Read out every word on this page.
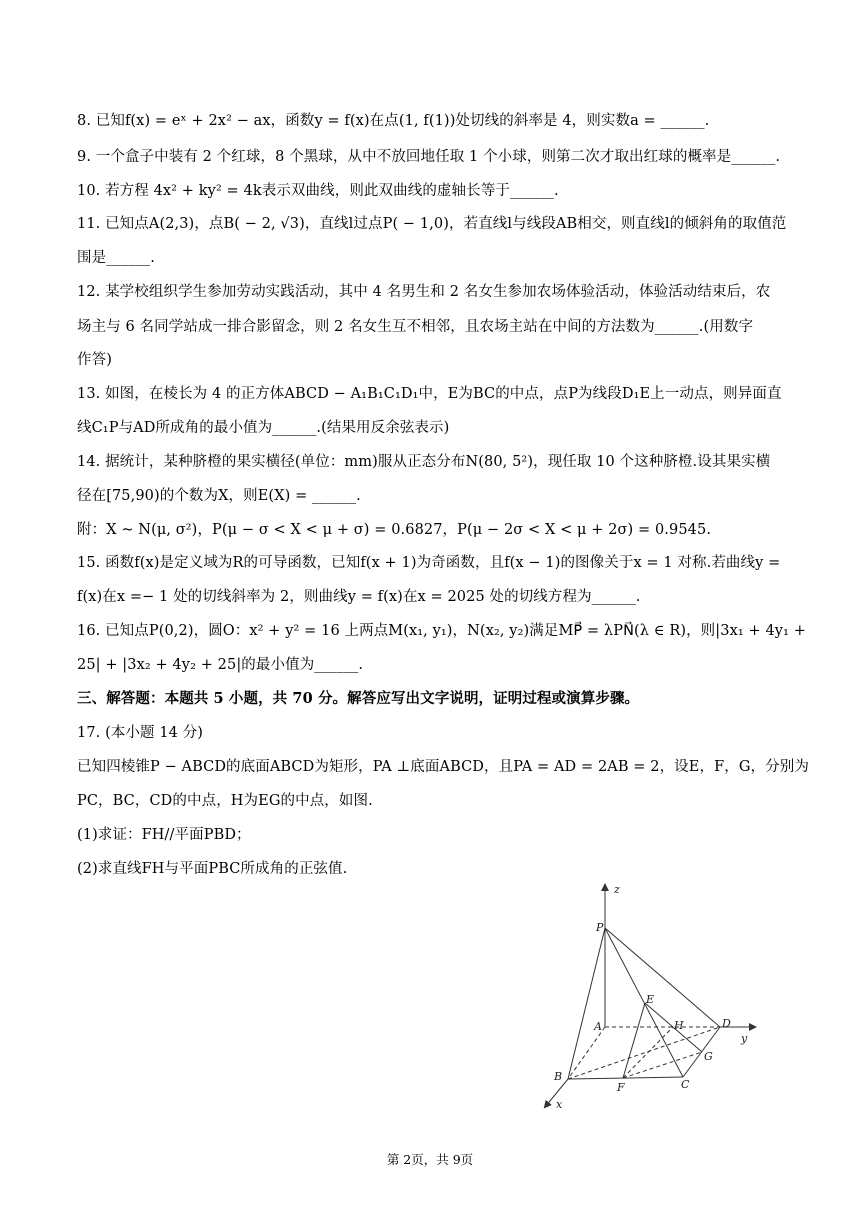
8. 已知f(x) = eˣ + 2x² − ax，函数y = f(x)在点(1, f(1))处切线的斜率是 4，则实数a = ______.
9. 一个盒子中装有 2 个红球，8 个黑球，从中不放回地任取 1 个小球，则第二次才取出红球的概率是______.
10. 若方程 4x² + ky² = 4k表示双曲线，则此双曲线的虚轴长等于______.
11. 已知点A(2,3)，点B( − 2, √3)，直线l过点P( − 1,0)，若直线l与线段AB相交，则直线l的倾斜角的取值范
围是______.
12. 某学校组织学生参加劳动实践活动，其中 4 名男生和 2 名女生参加农场体验活动，体验活动结束后，农
场主与 6 名同学站成一排合影留念，则 2 名女生互不相邻，且农场主站在中间的方法数为______.(用数字
作答)
13. 如图，在棱长为 4 的正方体ABCD − A₁B₁C₁D₁中，E为BC的中点，点P为线段D₁E上一动点，则异面直
线C₁P与AD所成角的最小值为______.(结果用反余弦表示)
14. 据统计，某种脐橙的果实横径(单位：mm)服从正态分布N(80, 5²)，现任取 10 个这种脐橙.设其果实横
径在[75,90)的个数为X，则E(X) = ______.
附：X ~ N(μ, σ²)，P(μ − σ < X < μ + σ) = 0.6827，P(μ − 2σ < X < μ + 2σ) = 0.9545.
15. 函数f(x)是定义域为R的可导函数，已知f(x + 1)为奇函数，且f(x − 1)的图像关于x = 1 对称.若曲线y =
f(x)在x =− 1 处的切线斜率为 2，则曲线y = f(x)在x = 2025 处的切线方程为______.
16. 已知点P(0,2)，圆O：x² + y² = 16 上两点M(x₁, y₁)，N(x₂, y₂)满足MP⃗ = λPN⃗(λ ∈ R)，则|3x₁ + 4y₁ +
25| + |3x₂ + 4y₂ + 25|的最小值为______.
三、解答题：本题共 5 小题，共 70 分。解答应写出文字说明，证明过程或演算步骤。
17. (本小题 14 分)
已知四棱锥P − ABCD的底面ABCD为矩形，PA ⊥底面ABCD，且PA = AD = 2AB = 2，设E，F，G，分别为
PC，BC，CD的中点，H为EG的中点，如图.
(1)求证：FH//平面PBD；
(2)求直线FH与平面PBC所成角的正弦值.
z
P
E
A	H	D
y
G
B
F	C
x
第 2页，共 9页
